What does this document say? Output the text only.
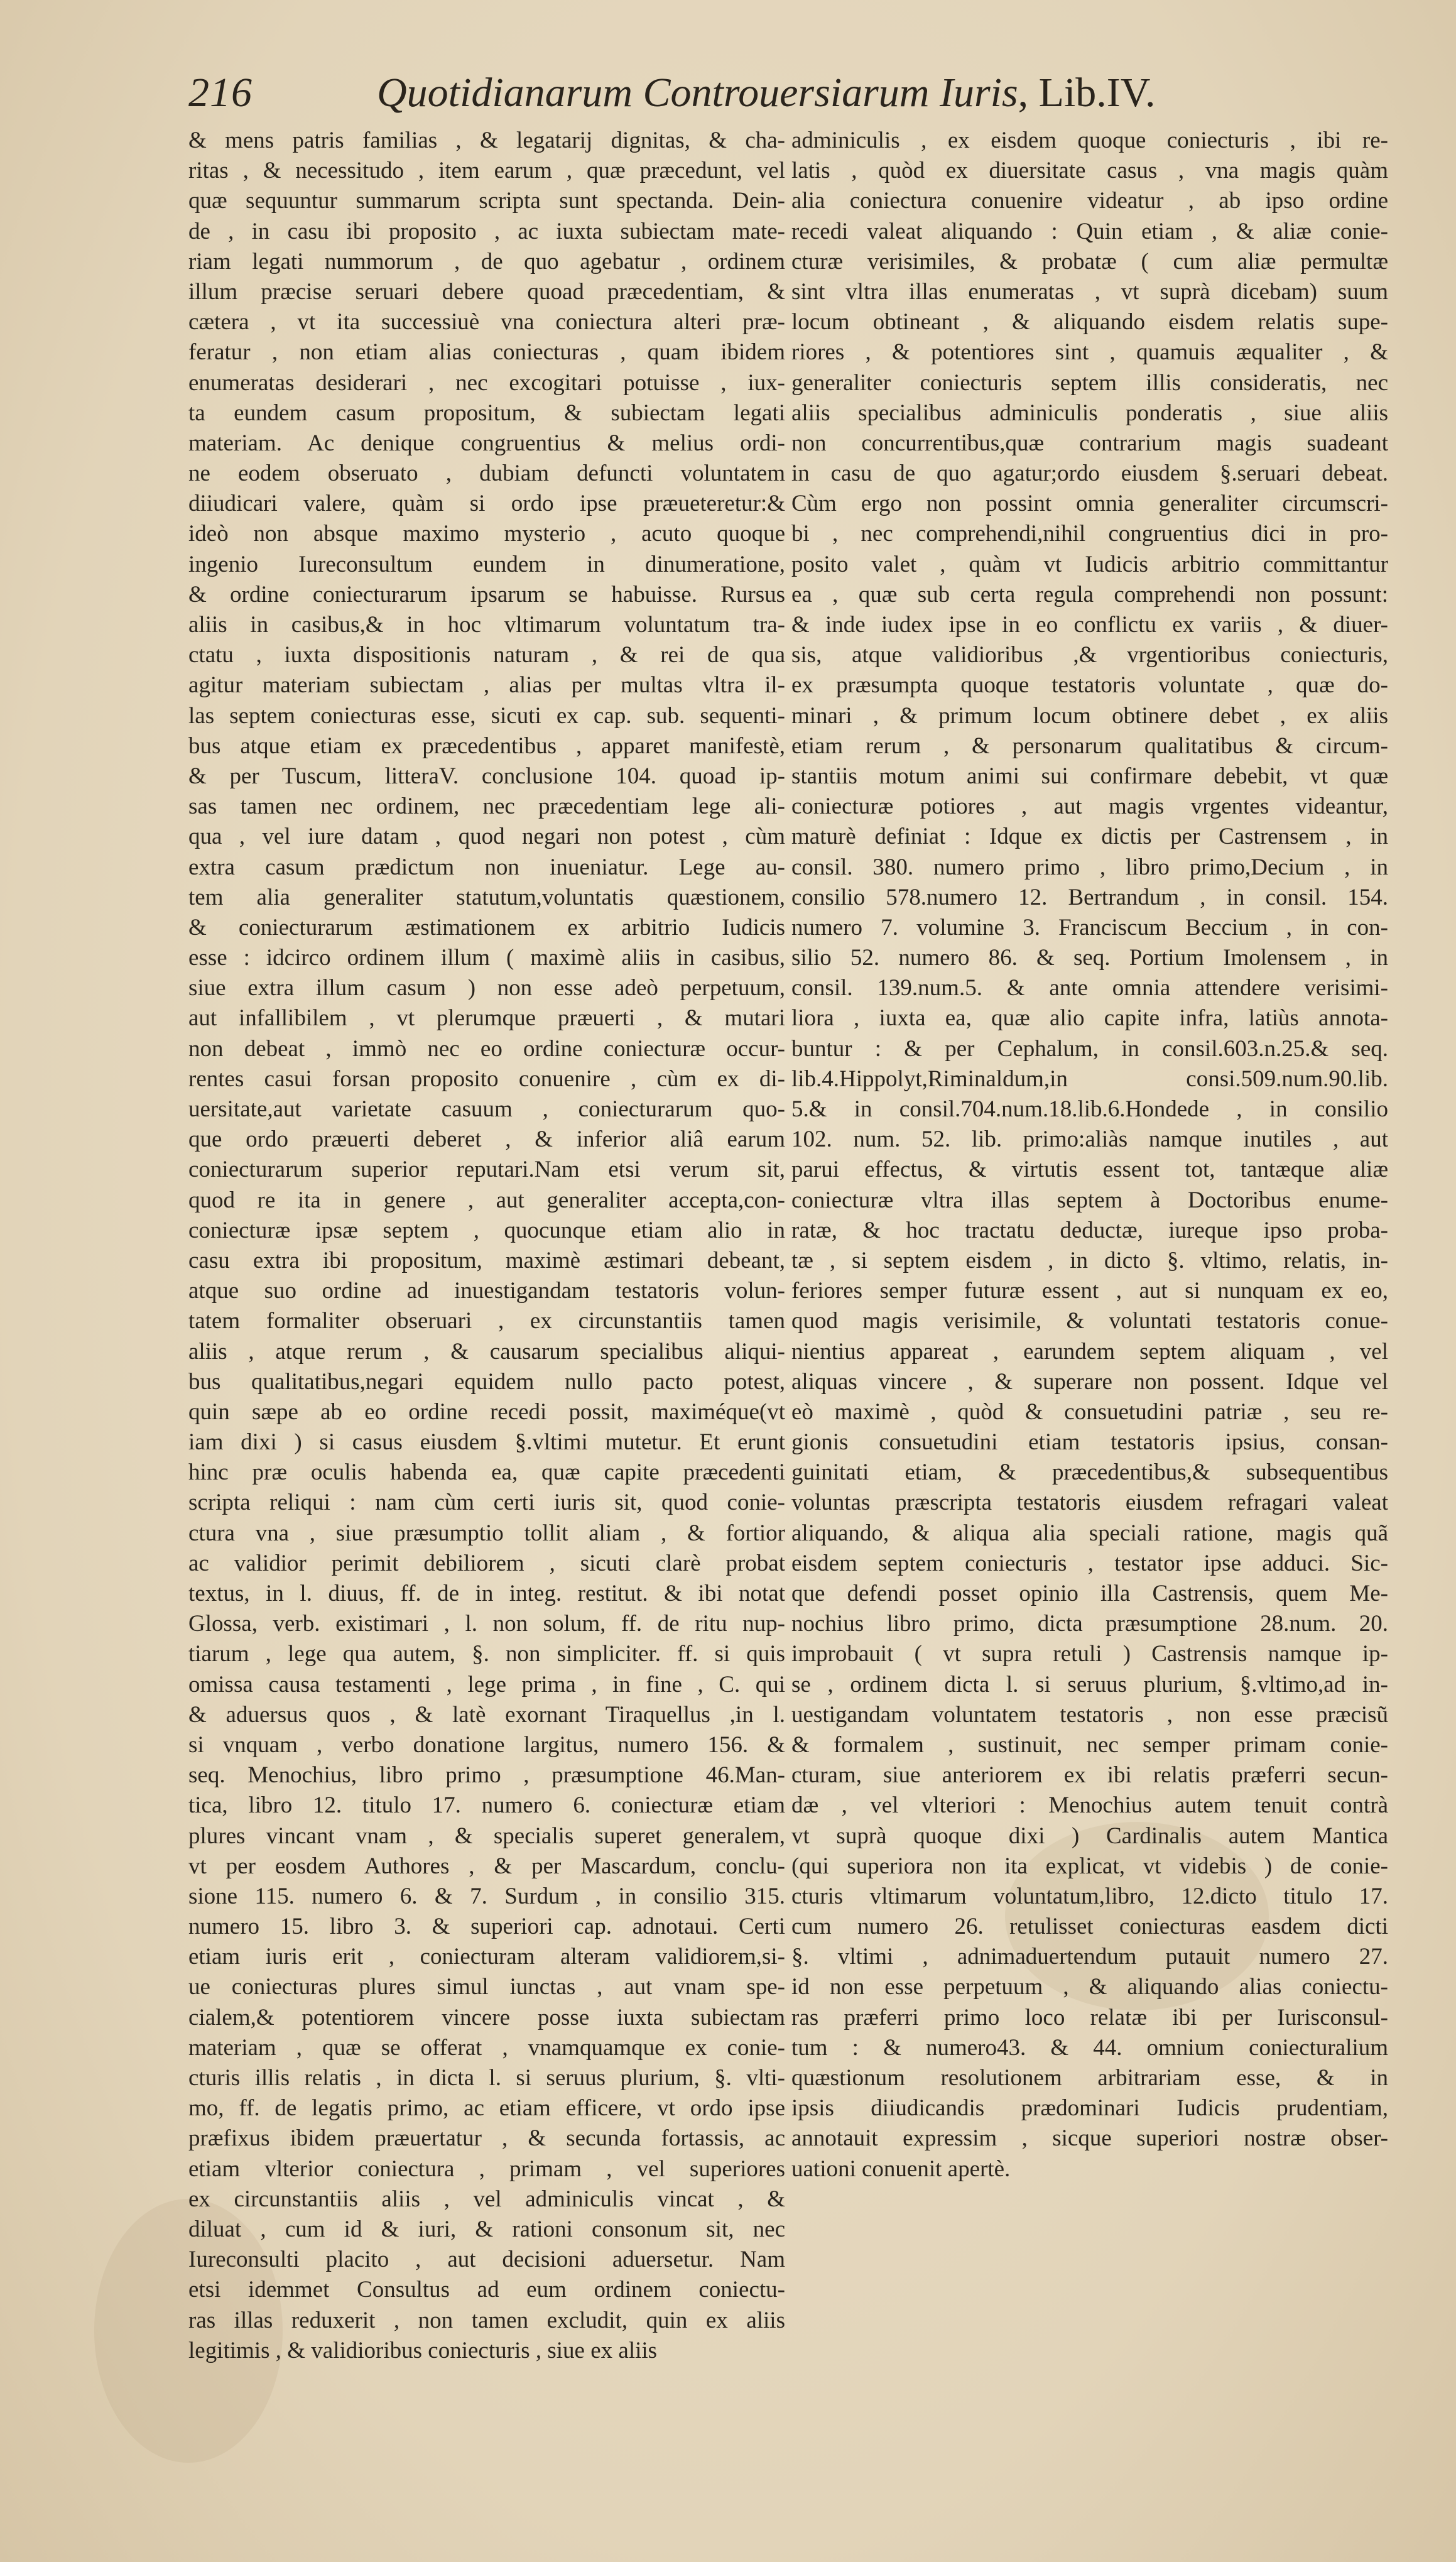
216	Quotidianarum Controuersiarum Iuris, Lib.IV.
& mens patris familias , & legatarij dignitas, & cha-
ritas , & necessitudo , item earum , quæ præcedunt, vel
quæ sequuntur summarum scripta sunt spectanda. Dein-
de , in casu ibi proposito , ac iuxta subiectam mate-
riam legati nummorum , de quo agebatur , ordinem
illum præcise seruari debere quoad præcedentiam, &
cætera , vt ita successiuè vna coniectura alteri præ-
feratur , non etiam alias coniecturas , quam ibidem
enumeratas desiderari , nec excogitari potuisse , iux-
ta eundem casum propositum, & subiectam legati
materiam. Ac denique congruentius & melius ordi-
ne eodem obseruato , dubiam defuncti voluntatem
diiudicari valere, quàm si ordo ipse præueteretur:&
ideò non absque maximo mysterio , acuto quoque
ingenio Iureconsultum eundem in dinumeratione,
& ordine coniecturarum ipsarum se habuisse. Rursus
aliis in casibus,& in hoc vltimarum voluntatum tra-
ctatu , iuxta dispositionis naturam , & rei de qua
agitur materiam subiectam , alias per multas vltra il-
las septem coniecturas esse, sicuti ex cap. sub. sequenti-
bus atque etiam ex præcedentibus , apparet manifestè,
& per Tuscum, litteraV. conclusione 104. quoad ip-
sas tamen nec ordinem, nec præcedentiam lege ali-
qua , vel iure datam , quod negari non potest , cùm
extra casum prædictum non inueniatur. Lege au-
tem alia generaliter statutum,voluntatis quæstionem,
& coniecturarum æstimationem ex arbitrio Iudicis
esse : idcirco ordinem illum ( maximè aliis in casibus,
siue extra illum casum ) non esse adeò perpetuum,
aut infallibilem , vt plerumque præuerti , & mutari
non debeat , immò nec eo ordine coniecturæ occur-
rentes casui forsan proposito conuenire , cùm ex di-
uersitate,aut varietate casuum , coniecturarum quo-
que ordo præuerti deberet , & inferior aliâ earum
coniecturarum superior reputari.Nam etsi verum sit,
quod re ita in genere , aut generaliter accepta,con-
coniecturæ ipsæ septem , quocunque etiam alio in
casu extra ibi propositum, maximè æstimari debeant,
atque suo ordine ad inuestigandam testatoris volun-
tatem formaliter obseruari , ex circunstantiis tamen
aliis , atque rerum , & causarum specialibus aliqui-
bus qualitatibus,negari equidem nullo pacto potest,
quin sæpe ab eo ordine recedi possit, maximéque(vt
iam dixi ) si casus eiusdem §.vltimi mutetur. Et erunt
hinc præ oculis habenda ea, quæ capite præcedenti
scripta reliqui : nam cùm certi iuris sit, quod conie-
ctura vna , siue præsumptio tollit aliam , & fortior
ac validior perimit debiliorem , sicuti clarè probat
textus, in l. diuus, ff. de in integ. restitut. & ibi notat
Glossa, verb. existimari , l. non solum, ff. de ritu nup-
tiarum , lege qua autem, §. non simpliciter. ff. si quis
omissa causa testamenti , lege prima , in fine , C. qui
& aduersus quos , & latè exornant Tiraquellus ,in l.
si vnquam , verbo donatione largitus, numero 156. &
seq. Menochius, libro primo , præsumptione 46.Man-
tica, libro 12. titulo 17. numero 6. coniecturæ etiam
plures vincant vnam , & specialis superet generalem,
vt per eosdem Authores , & per Mascardum, conclu-
sione 115. numero 6. & 7. Surdum , in consilio 315.
numero 15. libro 3. & superiori cap. adnotaui. Certi
etiam iuris erit , coniecturam alteram validiorem,si-
ue coniecturas plures simul iunctas , aut vnam spe-
cialem,& potentiorem vincere posse iuxta subiectam
materiam , quæ se offerat , vnamquamque ex conie-
cturis illis relatis , in dicta l. si seruus plurium, §. vlti-
mo, ff. de legatis primo, ac etiam efficere, vt ordo ipse
præfixus ibidem præuertatur , & secunda fortassis, ac
etiam vlterior coniectura , primam , vel superiores
ex circunstantiis aliis , vel adminiculis vincat , &
diluat , cum id & iuri, & rationi consonum sit, nec
Iureconsulti placito , aut decisioni aduersetur. Nam
etsi idemmet Consultus ad eum ordinem coniectu-
ras illas reduxerit , non tamen excludit, quin ex aliis
legitimis , & validioribus coniecturis , siue ex aliis
adminiculis , ex eisdem quoque coniecturis , ibi re-
latis , quòd ex diuersitate casus , vna magis quàm
alia coniectura conuenire videatur , ab ipso ordine
recedi valeat aliquando : Quin etiam , & aliæ conie-
cturæ verisimiles, & probatæ ( cum aliæ permultæ
sint vltra illas enumeratas , vt suprà dicebam) suum
locum obtineant , & aliquando eisdem relatis supe-
riores , & potentiores sint , quamuis æqualiter , &
generaliter coniecturis septem illis consideratis, nec
aliis specialibus adminiculis ponderatis , siue aliis
non concurrentibus,quæ contrarium magis suadeant
in casu de quo agatur;ordo eiusdem §.seruari debeat.
Cùm ergo non possint omnia generaliter circumscri-
bi , nec comprehendi,nihil congruentius dici in pro-
posito valet , quàm vt Iudicis arbitrio committantur
ea , quæ sub certa regula comprehendi non possunt:
& inde iudex ipse in eo conflictu ex variis , & diuer-
sis, atque validioribus ,& vrgentioribus coniecturis,
ex præsumpta quoque testatoris voluntate , quæ do-
minari , & primum locum obtinere debet , ex aliis
etiam rerum , & personarum qualitatibus & circum-
stantiis motum animi sui confirmare debebit, vt quæ
coniecturæ potiores , aut magis vrgentes videantur,
maturè definiat : Idque ex dictis per Castrensem , in
consil. 380. numero primo , libro primo,Decium , in
consilio 578.numero 12. Bertrandum , in consil. 154.
numero 7. volumine 3. Franciscum Beccium , in con-
silio 52. numero 86. & seq. Portium Imolensem , in
consil. 139.num.5. & ante omnia attendere verisimi-
liora , iuxta ea, quæ alio capite infra, latiùs annota-
buntur : & per Cephalum, in consil.603.n.25.& seq.
lib.4.Hippolyt,Riminaldum,in consi.509.num.90.lib.
5.& in consil.704.num.18.lib.6.Hondede , in consilio
102. num. 52. lib. primo:aliàs namque inutiles , aut
parui effectus, & virtutis essent tot, tantæque aliæ
coniecturæ vltra illas septem à Doctoribus enume-
ratæ, & hoc tractatu deductæ, iureque ipso proba-
tæ , si septem eisdem , in dicto §. vltimo, relatis, in-
feriores semper futuræ essent , aut si nunquam ex eo,
quod magis verisimile, & voluntati testatoris conue-
nientius appareat , earundem septem aliquam , vel
aliquas vincere , & superare non possent. Idque vel
eò maximè , quòd & consuetudini patriæ , seu re-
gionis consuetudini etiam testatoris ipsius, consan-
guinitati etiam, & præcedentibus,& subsequentibus
voluntas præscripta testatoris eiusdem refragari valeat
aliquando, & aliqua alia speciali ratione, magis quã
eisdem septem coniecturis , testator ipse adduci. Sic-
que defendi posset opinio illa Castrensis, quem Me-
nochius libro primo, dicta præsumptione 28.num. 20.
improbauit ( vt supra retuli ) Castrensis namque ip-
se , ordinem dicta l. si seruus plurium, §.vltimo,ad in-
uestigandam voluntatem testatoris , non esse præcisũ
& formalem , sustinuit, nec semper primam conie-
cturam, siue anteriorem ex ibi relatis præferri secun-
dæ , vel vlteriori : Menochius autem tenuit contrà
vt suprà quoque dixi ) Cardinalis autem Mantica
(qui superiora non ita explicat, vt videbis ) de conie-
cturis vltimarum voluntatum,libro, 12.dicto titulo 17.
cum numero 26. retulisset coniecturas easdem dicti
§. vltimi , adnimaduertendum putauit numero 27.
id non esse perpetuum , & aliquando alias coniectu-
ras præferri primo loco relatæ ibi per Iurisconsul-
tum : & numero43. & 44. omnium coniecturalium
quæstionum resolutionem arbitrariam esse, & in
ipsis diiudicandis prædominari Iudicis prudentiam,
annotauit expressim , sicque superiori nostræ obser-
uationi conuenit apertè.
